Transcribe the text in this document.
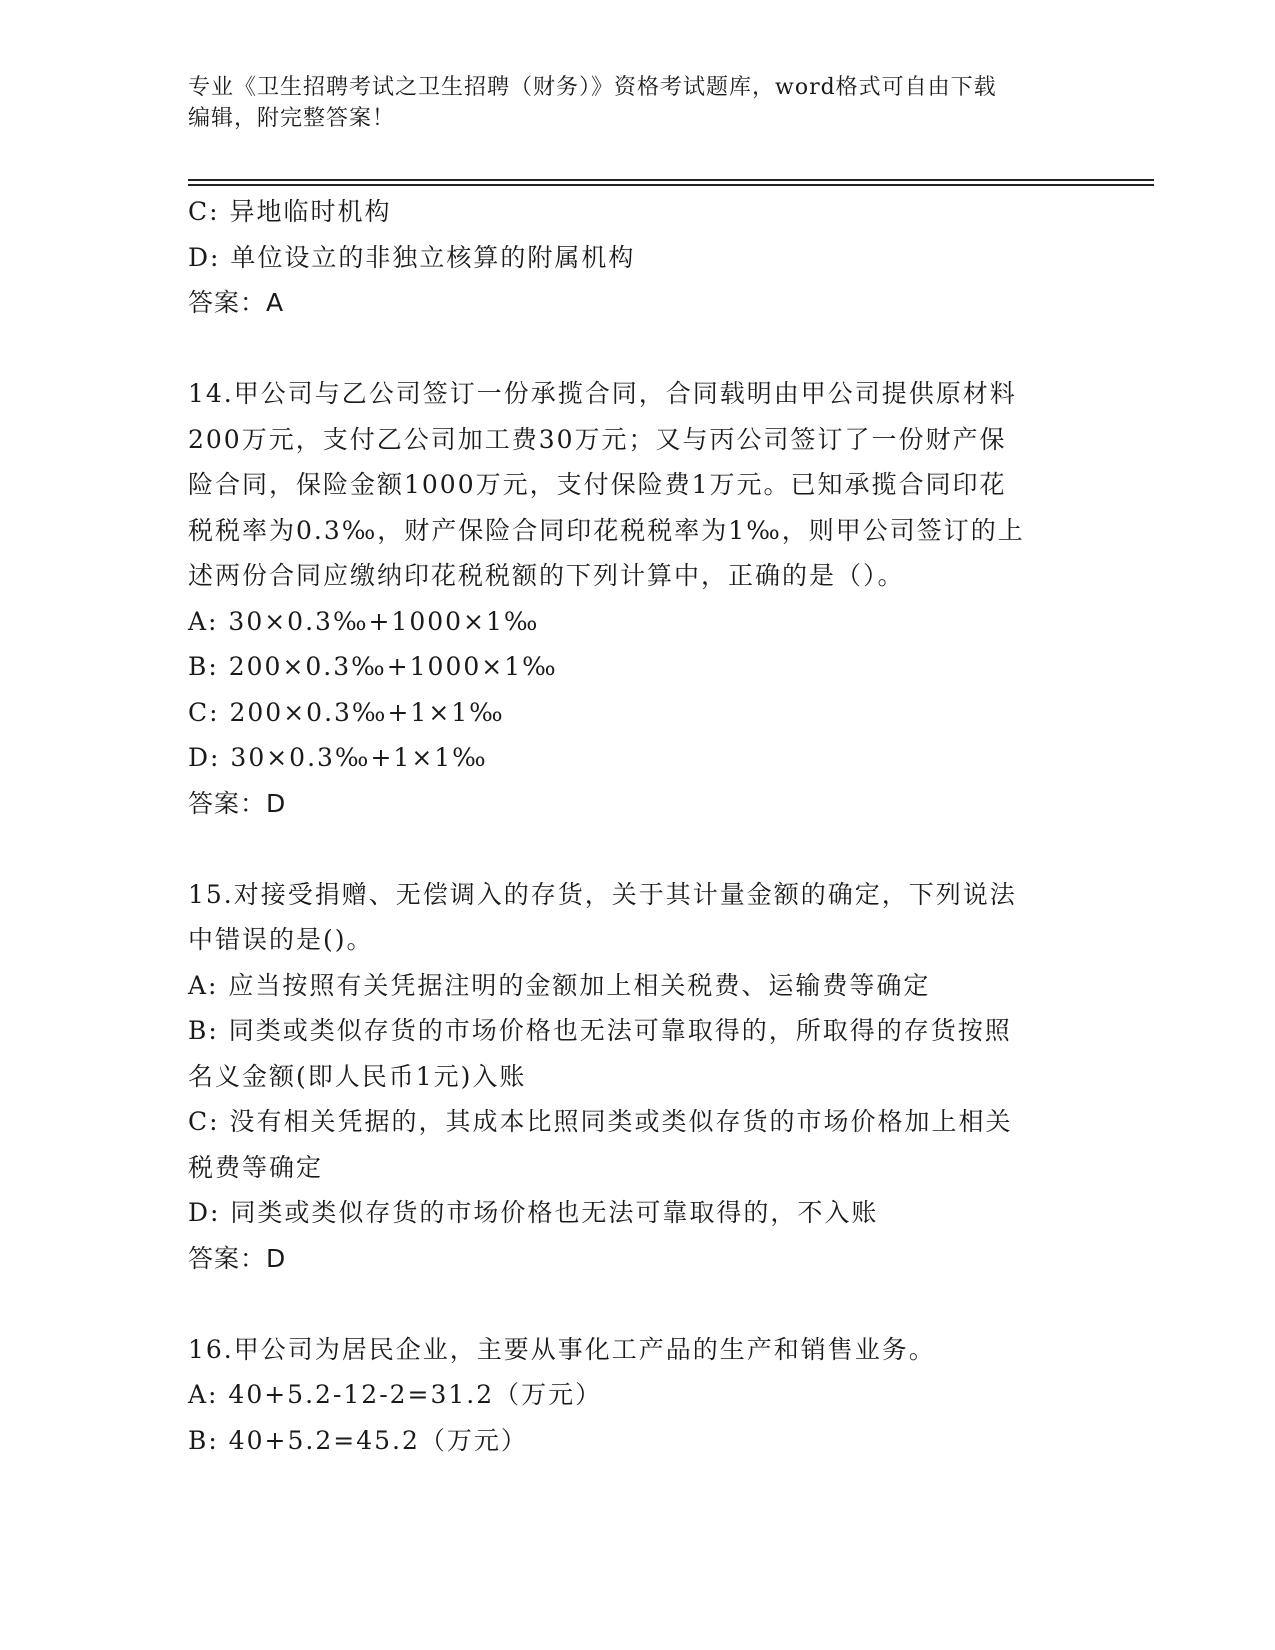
专业《卫生招聘考试之卫生招聘（财务）》资格考试题库，word格式可自由下载
编辑，附完整答案！
C: 异地临时机构
D: 单位设立的非独立核算的附属机构
答案：A
14.甲公司与乙公司签订一份承揽合同，合同载明由甲公司提供原材料
200万元，支付乙公司加工费30万元；又与丙公司签订了一份财产保
险合同，保险金额1000万元，支付保险费1万元。已知承揽合同印花
税税率为0.3‰，财产保险合同印花税税率为1‰，则甲公司签订的上
述两份合同应缴纳印花税税额的下列计算中，正确的是（）。
A: 30×0.3‰+1000×1‰
B: 200×0.3‰+1000×1‰
C: 200×0.3‰+1×1‰
D: 30×0.3‰+1×1‰
答案：D
15.对接受捐赠、无偿调入的存货，关于其计量金额的确定，下列说法
中错误的是()。
A: 应当按照有关凭据注明的金额加上相关税费、运输费等确定
B: 同类或类似存货的市场价格也无法可靠取得的，所取得的存货按照
名义金额(即人民币1元)入账
C: 没有相关凭据的，其成本比照同类或类似存货的市场价格加上相关
税费等确定
D: 同类或类似存货的市场价格也无法可靠取得的，不入账
答案：D
16.甲公司为居民企业，主要从事化工产品的生产和销售业务。
A: 40+5.2-12-2=31.2（万元）
B: 40+5.2=45.2（万元）
